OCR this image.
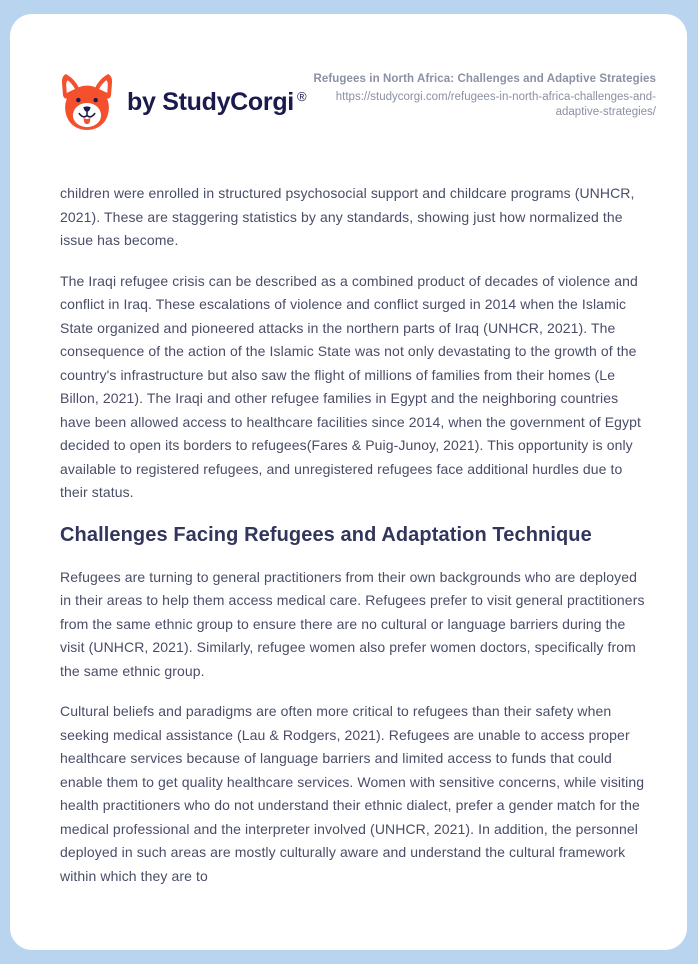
by StudyCorgi ®
Refugees in North Africa: Challenges and Adaptive Strategies
https://studycorgi.com/refugees-in-north-africa-challenges-and-adaptive-strategies/

children were enrolled in structured psychosocial support and childcare programs (UNHCR, 2021). These are staggering statistics by any standards, showing just how normalized the issue has become.

The Iraqi refugee crisis can be described as a combined product of decades of violence and conflict in Iraq. These escalations of violence and conflict surged in 2014 when the Islamic State organized and pioneered attacks in the northern parts of Iraq (UNHCR, 2021). The consequence of the action of the Islamic State was not only devastating to the growth of the country's infrastructure but also saw the flight of millions of families from their homes (Le Billon, 2021). The Iraqi and other refugee families in Egypt and the neighboring countries have been allowed access to healthcare facilities since 2014, when the government of Egypt decided to open its borders to refugees(Fares & Puig-Junoy, 2021). This opportunity is only available to registered refugees, and unregistered refugees face additional hurdles due to their status.

Challenges Facing Refugees and Adaptation Technique

Refugees are turning to general practitioners from their own backgrounds who are deployed in their areas to help them access medical care. Refugees prefer to visit general practitioners from the same ethnic group to ensure there are no cultural or language barriers during the visit (UNHCR, 2021). Similarly, refugee women also prefer women doctors, specifically from the same ethnic group.

Cultural beliefs and paradigms are often more critical to refugees than their safety when seeking medical assistance (Lau & Rodgers, 2021). Refugees are unable to access proper healthcare services because of language barriers and limited access to funds that could enable them to get quality healthcare services. Women with sensitive concerns, while visiting health practitioners who do not understand their ethnic dialect, prefer a gender match for the medical professional and the interpreter involved (UNHCR, 2021). In addition, the personnel deployed in such areas are mostly culturally aware and understand the cultural framework within which they are to
